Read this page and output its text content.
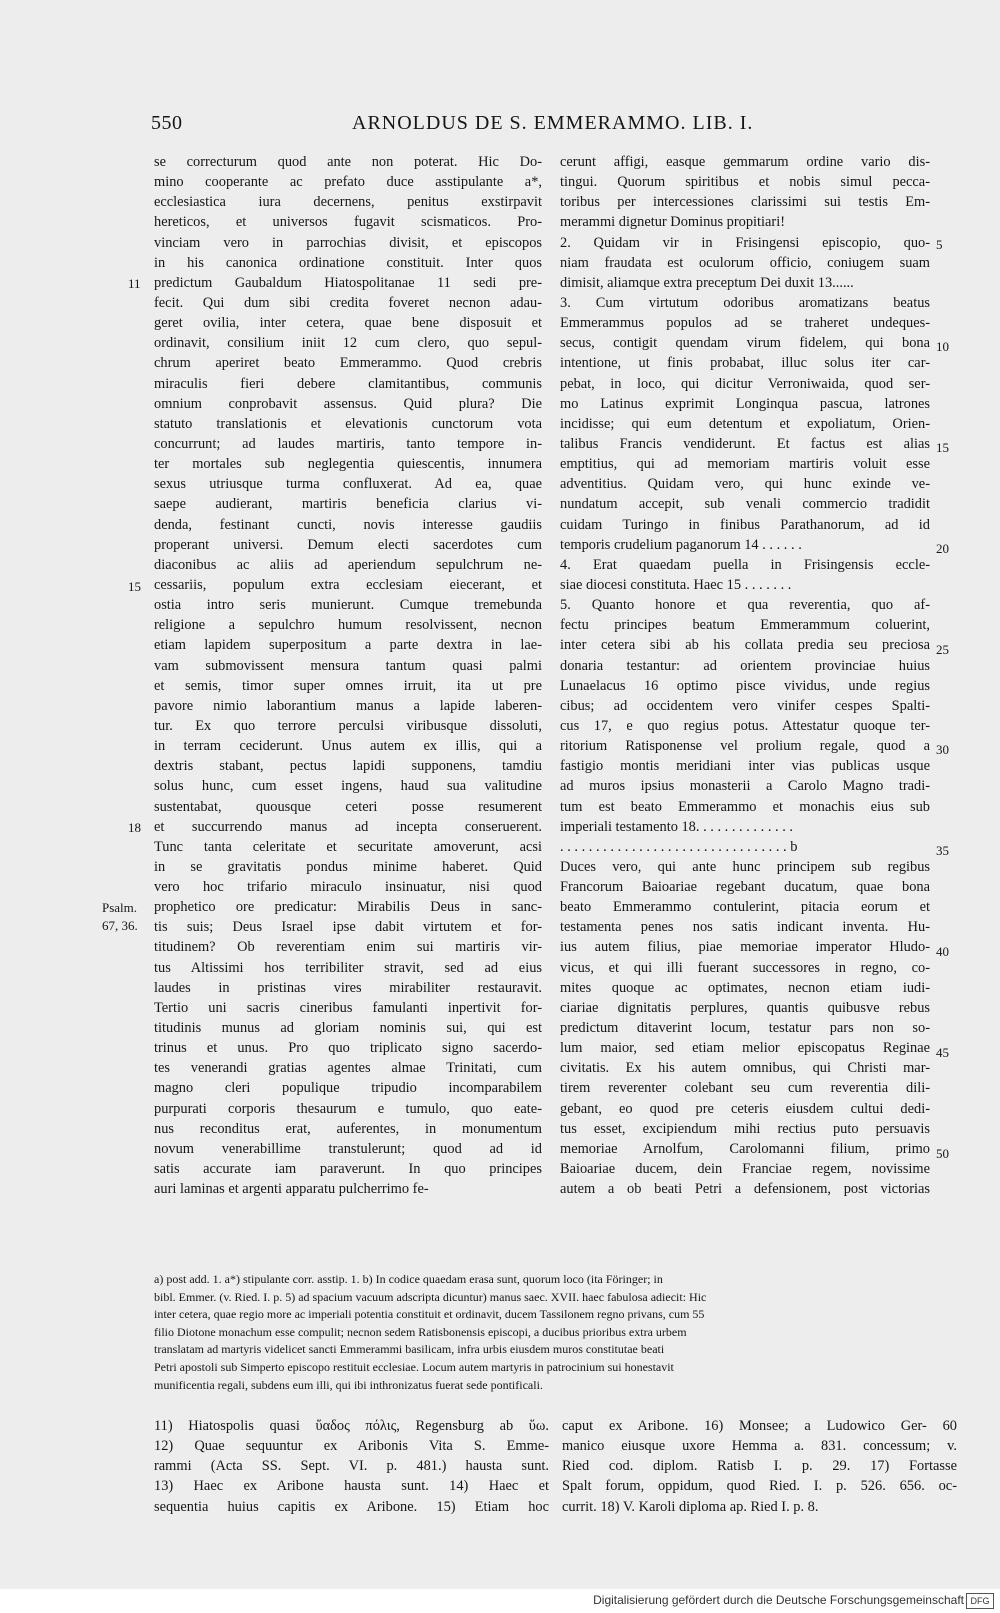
550	ARNOLDUS DE S. EMMERAMMO. LIB. I.
se correcturum quod ante non poterat. Hic Do-
mino cooperante ac prefato duce asstipulante a*,
ecclesiastica iura decernens, penitus exstirpavit
hereticos, et universos fugavit scismaticos. Pro-
vinciam vero in parrochias divisit, et episcopos
in his canonica ordinatione constituit. Inter quos
predictum Gaubaldum Hiatospolitanae 11 sedi pre-
fecit. Qui dum sibi credita foveret necnon adau-
geret ovilia, inter cetera, quae bene disposuit et
ordinavit, consilium iniit 12 cum clero, quo sepul-
chrum aperiret beato Emmerammo. Quod crebris
miraculis fieri debere clamitantibus, communis
omnium conprobavit assensus. Quid plura? Die
statuto translationis et elevationis cunctorum vota
concurrunt; ad laudes martiris, tanto tempore in-
ter mortales sub neglegentia quiescentis, innumera
sexus utriusque turma confluxerat. Ad ea, quae
saepe audierant, martiris beneficia clarius vi-
denda, festinant cuncti, novis interesse gaudiis
properant universi. Demum electi sacerdotes cum
diaconibus ac aliis ad aperiendum sepulchrum ne-
cessariis, populum extra ecclesiam eiecerant, et
ostia intro seris munierunt. Cumque tremebunda
religione a sepulchro humum resolvissent, necnon
etiam lapidem superpositum a parte dextra in lae-
vam submovissent mensura tantum quasi palmi
et semis, timor super omnes irruit, ita ut pre
pavore nimio laborantium manus a lapide laberen-
tur. Ex quo terrore perculsi viribusque dissoluti,
in terram ceciderunt. Unus autem ex illis, qui a
dextris stabant, pectus lapidi supponens, tamdiu
solus hunc, cum esset ingens, haud sua valitudine
sustentabat, quousque ceteri posse resumerent
et succurrendo manus ad incepta conseruerent.
Tunc tanta celeritate et securitate amoverunt, acsi
in se gravitatis pondus minime haberet. Quid
vero hoc trifario miraculo insinuatur, nisi quod
prophetico ore predicatur: Mirabilis Deus in sanc-
tis suis; Deus Israel ipse dabit virtutem et for-
titudinem? Ob reverentiam enim sui martiris vir-
tus Altissimi hos terribiliter stravit, sed ad eius
laudes in pristinas vires mirabiliter restauravit.
Tertio uni sacris cineribus famulanti inpertivit for-
titudinis munus ad gloriam nominis sui, qui est
trinus et unus. Pro quo triplicato signo sacerdo-
tes venerandi gratias agentes almae Trinitati, cum
magno cleri populique tripudio incomparabilem
purpurati corporis thesaurum e tumulo, quo eate-
nus reconditus erat, auferentes, in monumentum
novum venerabillime transtulerunt; quod ad id
satis accurate iam paraverunt. In quo principes
auri laminas et argenti apparatu pulcherrimo fe-
cerunt affigi, easque gemmarum ordine vario dis-
tingui. Quorum spiritibus et nobis simul pecca-
toribus per intercessiones clarissimi sui testis Em-
merammi dignetur Dominus propitiari!
2. Quidam vir in Frisingensi episcopio, quo-
niam fraudata est oculorum officio, coniugem suam
dimisit, aliamque extra preceptum Dei duxit 13......
3. Cum virtutum odoribus aromatizans beatus
Emmerammus populos ad se traheret undeques-
secus, contigit quendam virum fidelem, qui bona
intentione, ut finis probabat, illuc solus iter car-
pebat, in loco, qui dicitur Verroniwaida, quod ser-
mo Latinus exprimit Longinqua pascua, latrones
incidisse; qui eum detentum et expoliatum, Orien-
talibus Francis vendiderunt. Et factus est alias
emptitius, qui ad memoriam martiris voluit esse
adventitius. Quidam vero, qui hunc exinde ve-
nundatum accepit, sub venali commercio tradidit
cuidam Turingo in finibus Parathanorum, ad id
temporis crudelium paganorum 14 . . . . . .
4. Erat quaedam puella in Frisingensis eccle-
siae diocesi constituta. Haec 15 . . . . . . .
5. Quanto honore et qua reverentia, quo af-
fectu principes beatum Emmerammum coluerint,
inter cetera sibi ab his collata predia seu preciosa
donaria testantur: ad orientem provinciae huius
Lunaelacus 16 optimo pisce vividus, unde regius
cibus; ad occidentem vero vinifer cespes Spalti-
cus 17, e quo regius potus. Attestatur quoque ter-
ritorium Ratisponense vel prolium regale, quod a
fastigio montis meridiani inter vias publicas usque
ad muros ipsius monasterii a Carolo Magno tradi-
tum est beato Emmerammo et monachis eius sub
imperiali testamento 18. . . . . . . . . . . . . .
. . . . . . . . . . . . . . . . . . . . . . . . . . . . . . . . b
Duces vero, qui ante hunc principem sub regibus
Francorum Baioariae regebant ducatum, quae bona
beato Emmerammo contulerint, pitacia eorum et
testamenta penes nos satis indicant inventa. Hu-
ius autem filius, piae memoriae imperator Hludo-
vicus, et qui illi fuerant successores in regno, co-
mites quoque ac optimates, necnon etiam iudi-
ciariae dignitatis perplures, quantis quibusve rebus
predictum ditaverint locum, testatur pars non so-
lum maior, sed etiam melior episcopatus Reginae
civitatis. Ex his autem omnibus, qui Christi mar-
tirem reverenter colebant seu cum reverentia dili-
gebant, eo quod pre ceteris eiusdem cultui dedi-
tus esset, excipiendum mihi rectius puto persuavis
memoriae Arnolfum, Carolomanni filium, primo
Baioariae ducem, dein Franciae regem, novissime
autem a ob beati Petri a defensionem, post victorias
11
15
18
Psalm.
67, 36.
5
10
15
20
25
30
35
40
45
50
a) post add. 1. a*) stipulante corr. asstip. 1. b) In codice quaedam erasa sunt, quorum loco (ita Föringer; in
bibl. Emmer. (v. Ried. I. p. 5) ad spacium vacuum adscripta dicuntur) manus saec. XVII. haec fabulosa adiecit: Hic
inter cetera, quae regio more ac imperiali potentia constituit et ordinavit, ducem Tassilonem regno privans, cum 55
filio Diotone monachum esse compulit; necnon sedem Ratisbonensis episcopi, a ducibus prioribus extra urbem
translatam ad martyris videlicet sancti Emmerammi basilicam, infra urbis eiusdem muros constitutae beati
Petri apostoli sub Simperto episcopo restituit ecclesiae. Locum autem martyris in patrocinium sui honestavit
munificentia regali, subdens eum illi, qui ibi inthronizatus fuerat sede pontificali.
11) Hiatospolis quasi ὕαδος πόλις, Regensburg ab ὕω.
12) Quae sequuntur ex Aribonis Vita S. Emme-
rammi (Acta SS. Sept. VI. p. 481.) hausta sunt.
13) Haec ex Aribone hausta sunt. 14) Haec et
sequentia huius capitis ex Aribone. 15) Etiam hoc
caput ex Aribone. 16) Monsee; a Ludowico Ger- 60
manico eiusque uxore Hemma a. 831. concessum; v.
Ried cod. diplom. Ratisb I. p. 29. 17) Fortasse
Spalt forum, oppidum, quod Ried. I. p. 526. 656. oc-
currit. 18) V. Karoli diploma ap. Ried I. p. 8.
Digitalisierung gefördert durch die Deutsche Forschungsgemeinschaft DFG
